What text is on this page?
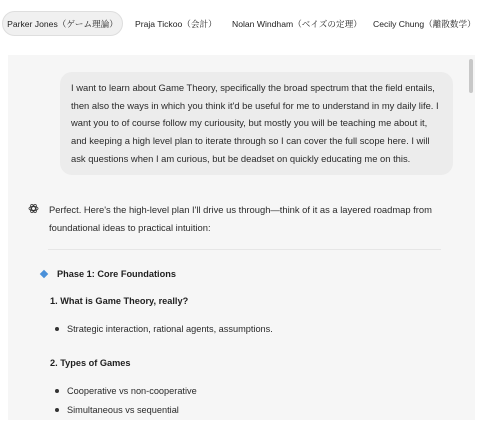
Parker Jones（ゲーム理論）	Praja Tickoo（会計） Nolan Windham（ベイズの定理） Cecily Chung（離散数学）
I want to learn about Game Theory, specifically the broad spectrum that the field entails, then also the ways in which you think it'd be useful for me to understand in my daily life. I want you to of course follow my curiousity, but mostly you will be teaching me about it, and keeping a high level plan to iterate through so I can cover the full scope here. I will ask questions when I am curious, but be deadset on quickly educating me on this.
Perfect. Here's the high-level plan I'll drive us through—think of it as a layered roadmap from foundational ideas to practical intuition:
Phase 1: Core Foundations
1. What is Game Theory, really?
Strategic interaction, rational agents, assumptions.
2. Types of Games
Cooperative vs non-cooperative
Simultaneous vs sequential
